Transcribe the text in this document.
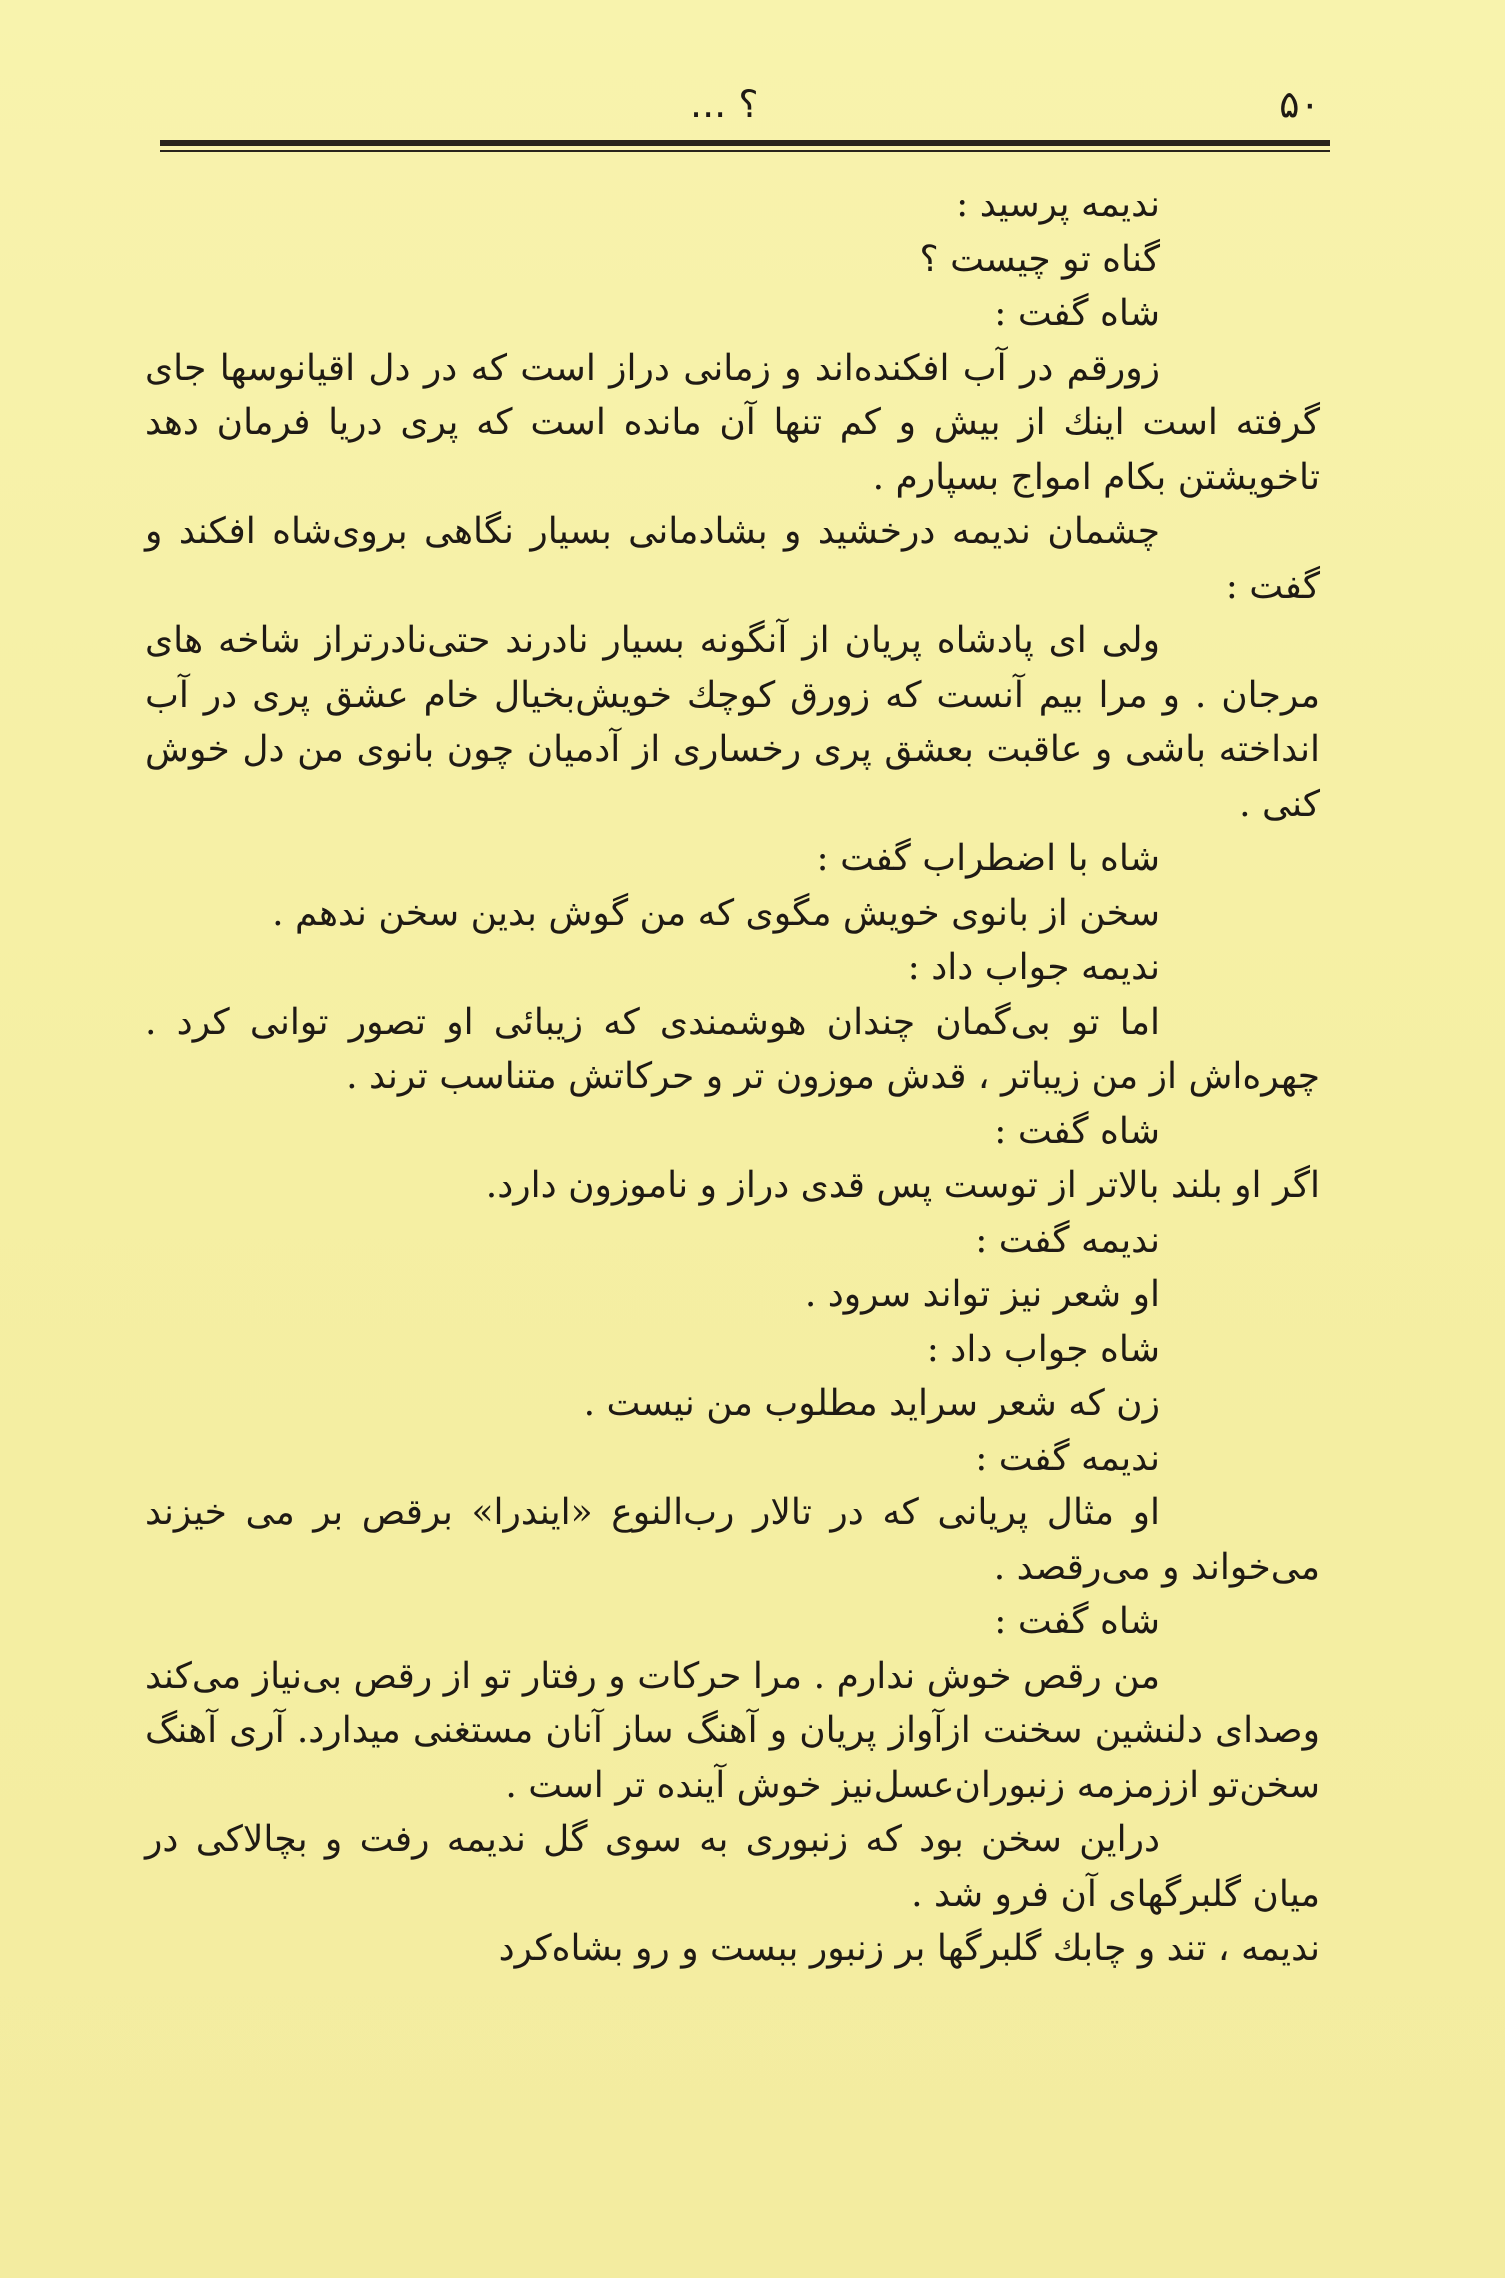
۵۰
؟ ...

ندیمه پرسید :

گناه تو چیست ؟

شاه گفت :

زورقم در آب افکنده‌اند و زمانی دراز است که در دل اقیانوسها جای گرفته است اینك از بیش و کم تنها آن مانده است که پری دریا فرمان دهد تاخویشتن بکام امواج بسپارم .

چشمان ندیمه درخشید و بشادمانی بسیار نگاهی بروی‌شاه افکند و گفت :

ولی ای پادشاه پریان از آنگونه بسیار نادرند حتی‌نادرتراز شاخه های مرجان . و مرا بیم آنست که زورق کوچك خویش‌بخیال خام عشق پری در آب انداخته باشی و عاقبت بعشق پری رخساری از آدمیان چون بانوی من دل خوش کنی .

شاه با اضطراب گفت :

سخن از بانوی خویش مگوی که من گوش بدین سخن ندهم .

ندیمه جواب داد :

اما تو بی‌گمان چندان هوشمندی که زیبائی او تصور توانی کرد . چهره‌اش از من زیباتر ، قدش موزون تر و حرکاتش متناسب ترند .

شاه گفت :

اگر او بلند بالاتر از توست پس قدی دراز و ناموزون دارد.

ندیمه گفت :

او شعر نیز تواند سرود .

شاه جواب داد :

زن که شعر سراید مطلوب من نیست .

ندیمه گفت :

او مثال پریانی که در تالار رب‌النوع «ایندرا» برقص بر می خیزند می‌خواند و می‌رقصد .

شاه گفت :

من رقص خوش ندارم . مرا حرکات و رفتار تو از رقص بی‌نیاز می‌کند وصدای دلنشین سخنت ازآواز پریان و آهنگ ساز آنان مستغنی میدارد. آری آهنگ سخن‌تو اززمزمه زنبوران‌عسل‌نیز خوش آینده تر است .

دراین سخن بود که زنبوری به سوی گل ندیمه رفت و بچالاکی در میان گلبرگهای آن فرو شد .

ندیمه ، تند و چابك گلبرگها بر زنبور ببست و رو بشاه‌کرد
